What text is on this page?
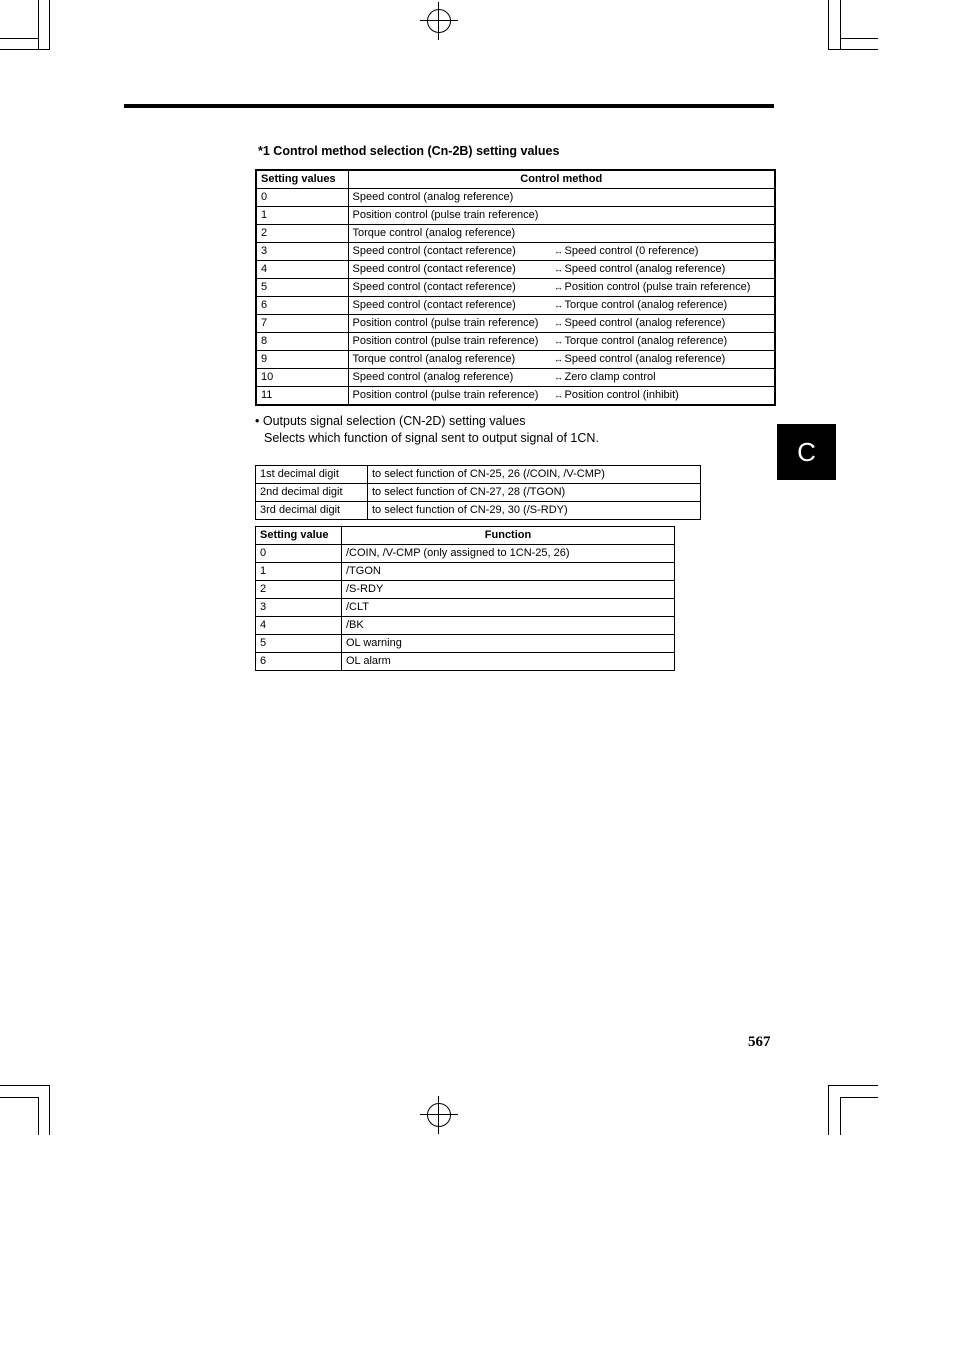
*1 Control method selection (Cn-2B) setting values
Setting values	Control method
0	Speed control (analog reference)
1	Position control (pulse train reference)
2	Torque control (analog reference)
3	Speed control (contact reference) ↔ Speed control (0 reference)
4	Speed control (contact reference) ↔ Speed control (analog reference)
5	Speed control (contact reference) ↔ Position control (pulse train reference)
6	Speed control (contact reference) ↔ Torque control (analog reference)
7	Position control (pulse train reference) ↔ Speed control (analog reference)
8	Position control (pulse train reference) ↔ Torque control (analog reference)
9	Torque control (analog reference) ↔ Speed control (analog reference)
10	Speed control (analog reference) ↔ Zero clamp control
11	Position control (pulse train reference) ↔ Position control (inhibit)
• Outputs signal selection (CN-2D) setting values
Selects which function of signal sent to output signal of 1CN.
1st decimal digit	to select function of CN-25, 26 (/COIN, /V-CMP)
2nd decimal digit	to select function of CN-27, 28 (/TGON)
3rd decimal digit	to select function of CN-29, 30 (/S-RDY)
Setting value	Function
0	/COIN, /V-CMP (only assigned to 1CN-25, 26)
1	/TGON
2	/S-RDY
3	/CLT
4	/BK
5	OL warning
6	OL alarm
C
567
